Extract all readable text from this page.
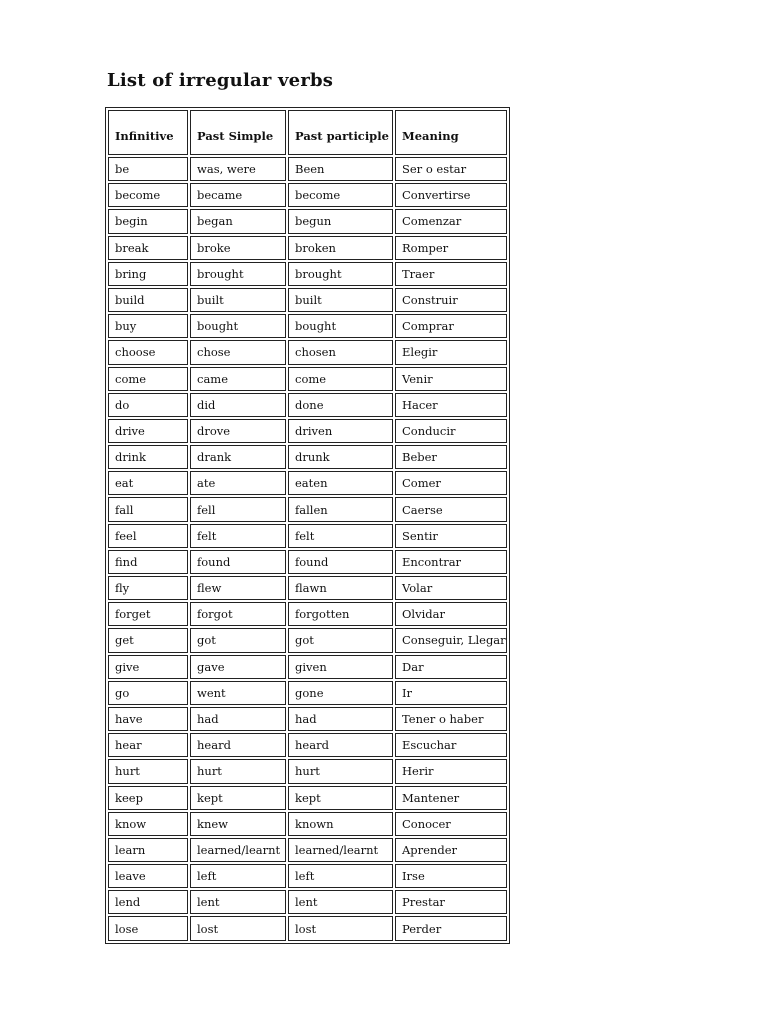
List of irregular verbs
Infinitive	Past Simple	Past participle	Meaning
be	was, were	Been	Ser o estar
become	became	become	Convertirse
begin	began	begun	Comenzar
break	broke	broken	Romper
bring	brought	brought	Traer
build	built	built	Construir
buy	bought	bought	Comprar
choose	chose	chosen	Elegir
come	came	come	Venir
do	did	done	Hacer
drive	drove	driven	Conducir
drink	drank	drunk	Beber
eat	ate	eaten	Comer
fall	fell	fallen	Caerse
feel	felt	felt	Sentir
find	found	found	Encontrar
fly	flew	flawn	Volar
forget	forgot	forgotten	Olvidar
get	got	got	Conseguir, Llegar
give	gave	given	Dar
go	went	gone	Ir
have	had	had	Tener o haber
hear	heard	heard	Escuchar
hurt	hurt	hurt	Herir
keep	kept	kept	Mantener
know	knew	known	Conocer
learn	learned/learnt	learned/learnt	Aprender
leave	left	left	Irse
lend	lent	lent	Prestar
lose	lost	lost	Perder
